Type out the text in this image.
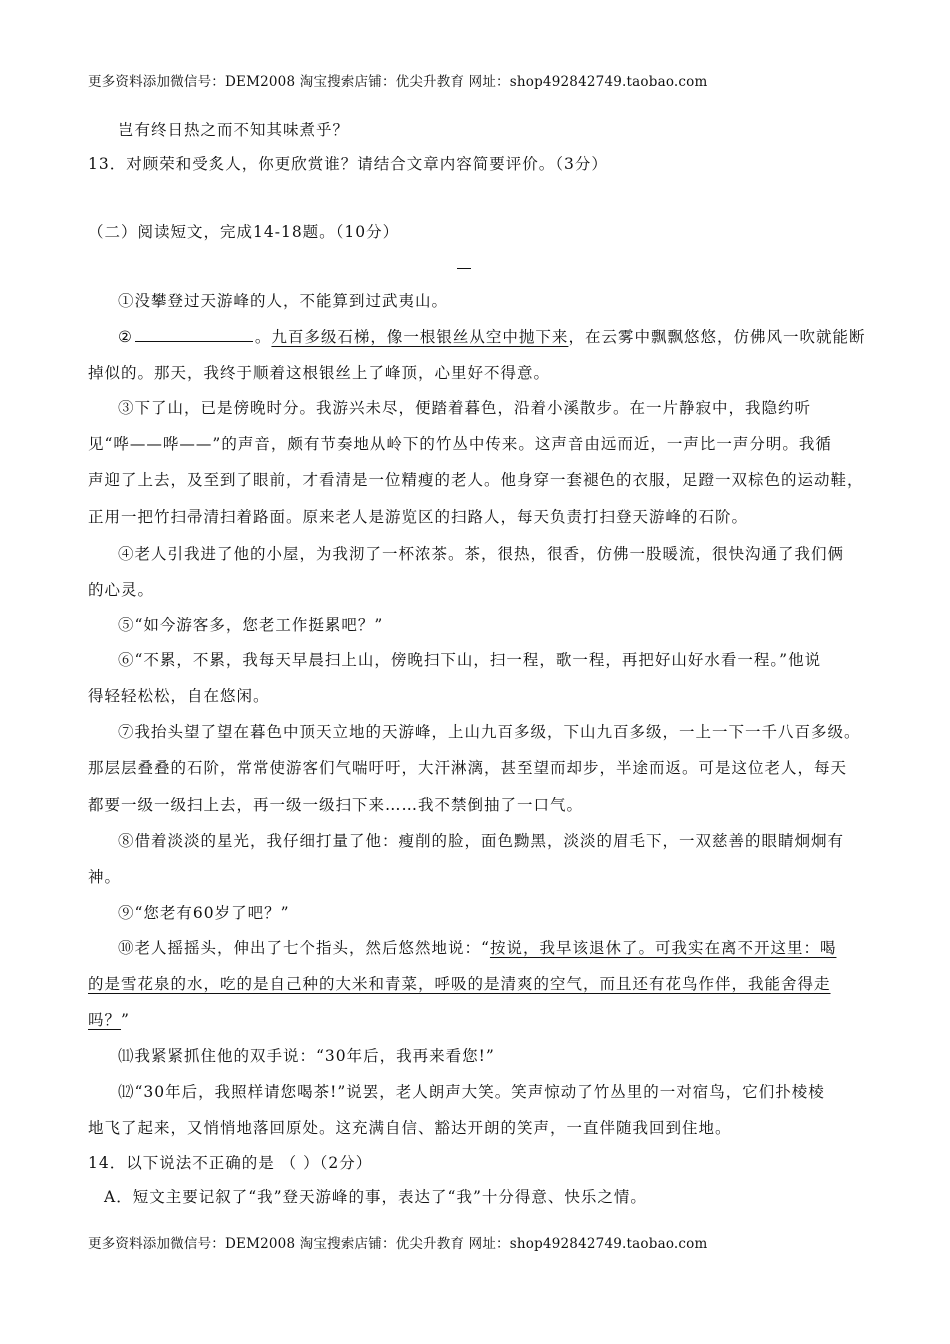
更多资料添加微信号：DEM2008 淘宝搜索店铺：优尖升教育 网址：shop492842749.taobao.com
岂有终日热之而不知其味煮乎？
13．对顾荣和受炙人，你更欣赏谁？请结合文章内容简要评价。（3分）
（二）阅读短文，完成14-18题。（10分）
①没攀登过天游峰的人，不能算到过武夷山。
②	。九百多级石梯，像一根银丝从空中抛下来，在云雾中飘飘悠悠，仿佛风一吹就能断
掉似的。那天，我终于顺着这根银丝上了峰顶，心里好不得意。
③下了山，已是傍晚时分。我游兴未尽，便踏着暮色，沿着小溪散步。在一片静寂中，我隐约听
见“哗——哗——”的声音，颇有节奏地从岭下的竹丛中传来。这声音由远而近，一声比一声分明。我循
声迎了上去，及至到了眼前，才看清是一位精瘦的老人。他身穿一套褪色的衣服，足蹬一双棕色的运动鞋，
正用一把竹扫帚清扫着路面。原来老人是游览区的扫路人，每天负责打扫登天游峰的石阶。
④老人引我进了他的小屋，为我沏了一杯浓茶。茶，很热，很香，仿佛一股暖流，很快沟通了我们俩
的心灵。
⑤“如今游客多，您老工作挺累吧？”
⑥“不累，不累，我每天早晨扫上山，傍晚扫下山，扫一程，歌一程，再把好山好水看一程。”他说
得轻轻松松，自在悠闲。
⑦我抬头望了望在暮色中顶天立地的天游峰，上山九百多级，下山九百多级，一上一下一千八百多级。
那层层叠叠的石阶，常常使游客们气喘吁吁，大汗淋漓，甚至望而却步，半途而返。可是这位老人，每天
都要一级一级扫上去，再一级一级扫下来……我不禁倒抽了一口气。
⑧借着淡淡的星光，我仔细打量了他：瘦削的脸，面色黝黑，淡淡的眉毛下，一双慈善的眼睛炯炯有
神。
⑨“您老有60岁了吧？”
⑩老人摇摇头，伸出了七个指头，然后悠然地说：“按说，我早该退休了。可我实在离不开这里：喝
的是雪花泉的水，吃的是自己种的大米和青菜，呼吸的是清爽的空气，而且还有花鸟作伴，我能舍得走
吗？”
⑾我紧紧抓住他的双手说：“30年后，我再来看您!”
⑿“30年后，我照样请您喝茶!”说罢，老人朗声大笑。笑声惊动了竹丛里的一对宿鸟，它们扑棱棱
地飞了起来，又悄悄地落回原处。这充满自信、豁达开朗的笑声，一直伴随我回到住地。
14．以下说法不正确的是 （ ）（2分）
A．短文主要记叙了“我”登天游峰的事，表达了“我”十分得意、快乐之情。
更多资料添加微信号：DEM2008 淘宝搜索店铺：优尖升教育 网址：shop492842749.taobao.com
